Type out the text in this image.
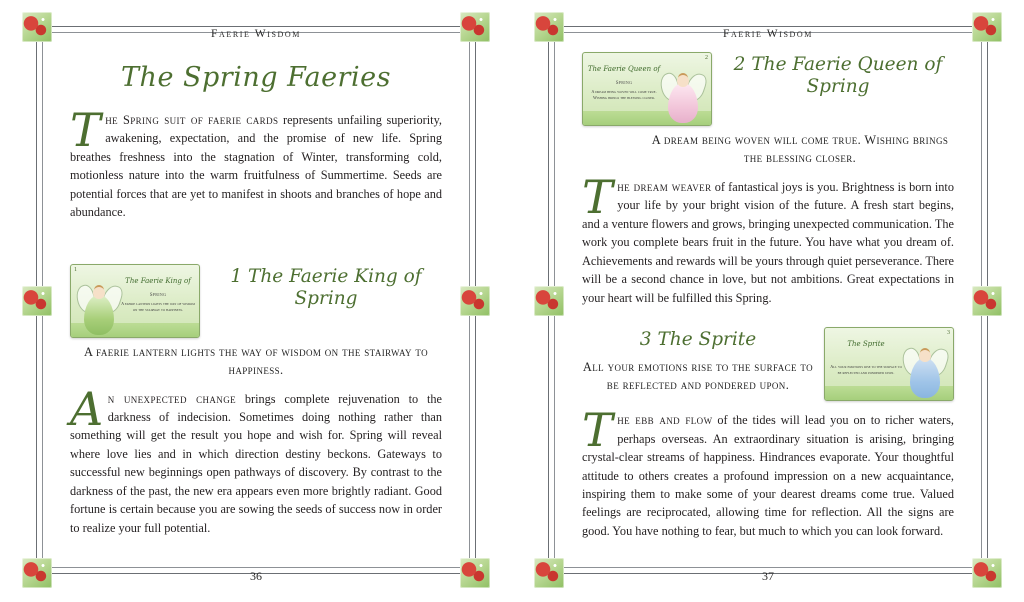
Faerie Wisdom
The Spring Faeries
T he Spring suit of faerie cards represents unfailing superiority, awakening, expectation, and the promise of new life. Spring breathes freshness into the stagnation of Winter, transforming cold, motionless nature into the warm fruitfulness of Summertime. Seeds are potential forces that are yet to manifest in shoots and branches of hope and abundance.

1
The Faerie King of
Spring
A faerie lantern lights the way of wisdom on the stairway to happiness.
1 The Faerie King of Spring
A faerie lantern lights the way of wisdom on the stairway to happiness.
A n unexpected change brings complete rejuvenation to the darkness of indecision. Sometimes doing nothing rather than something will get the result you hope and wish for. Spring will reveal where love lies and in which direction destiny beckons. Gateways to successful new beginnings open pathways of discovery. By contrast to the darkness of the past, the new era appears even more brightly radiant. Good fortune is certain because you are sowing the seeds of success now in order to realize your full potential.

36
Faerie Wisdom
2
The Faerie Queen of
Spring
A dream being woven will come true. Wishing brings the blessing closer.
2 The Faerie Queen of Spring
A dream being woven will come true. Wishing brings the blessing closer.
T he dream weaver of fantastical joys is you. Brightness is born into your life by your bright vision of the future. A fresh start begins, and a venture flowers and grows, bringing unexpected communication. The work you complete bears fruit in the future. You have what you dream of. Achievements and rewards will be yours through quiet perseverance. There will be a second chance in love, but not ambitions. Great expectations in your heart will be fulfilled this Spring.

3 The Sprite
All your emotions rise to the surface to be reflected and pondered upon.
3
The Sprite
All your emotions rise to the surface to be reflected and pondered upon.
T he ebb and flow of the tides will lead you on to richer waters, perhaps overseas. An extraordinary situation is arising, bringing crystal-clear streams of happiness. Hindrances evaporate. Your thoughtful attitude to others creates a profound impression on a new acquaintance, inspiring them to make some of your dearest dreams come true. Valued feelings are reciprocated, allowing time for reflection. All the signs are good. You have nothing to fear, but much to which you can look forward.

37
